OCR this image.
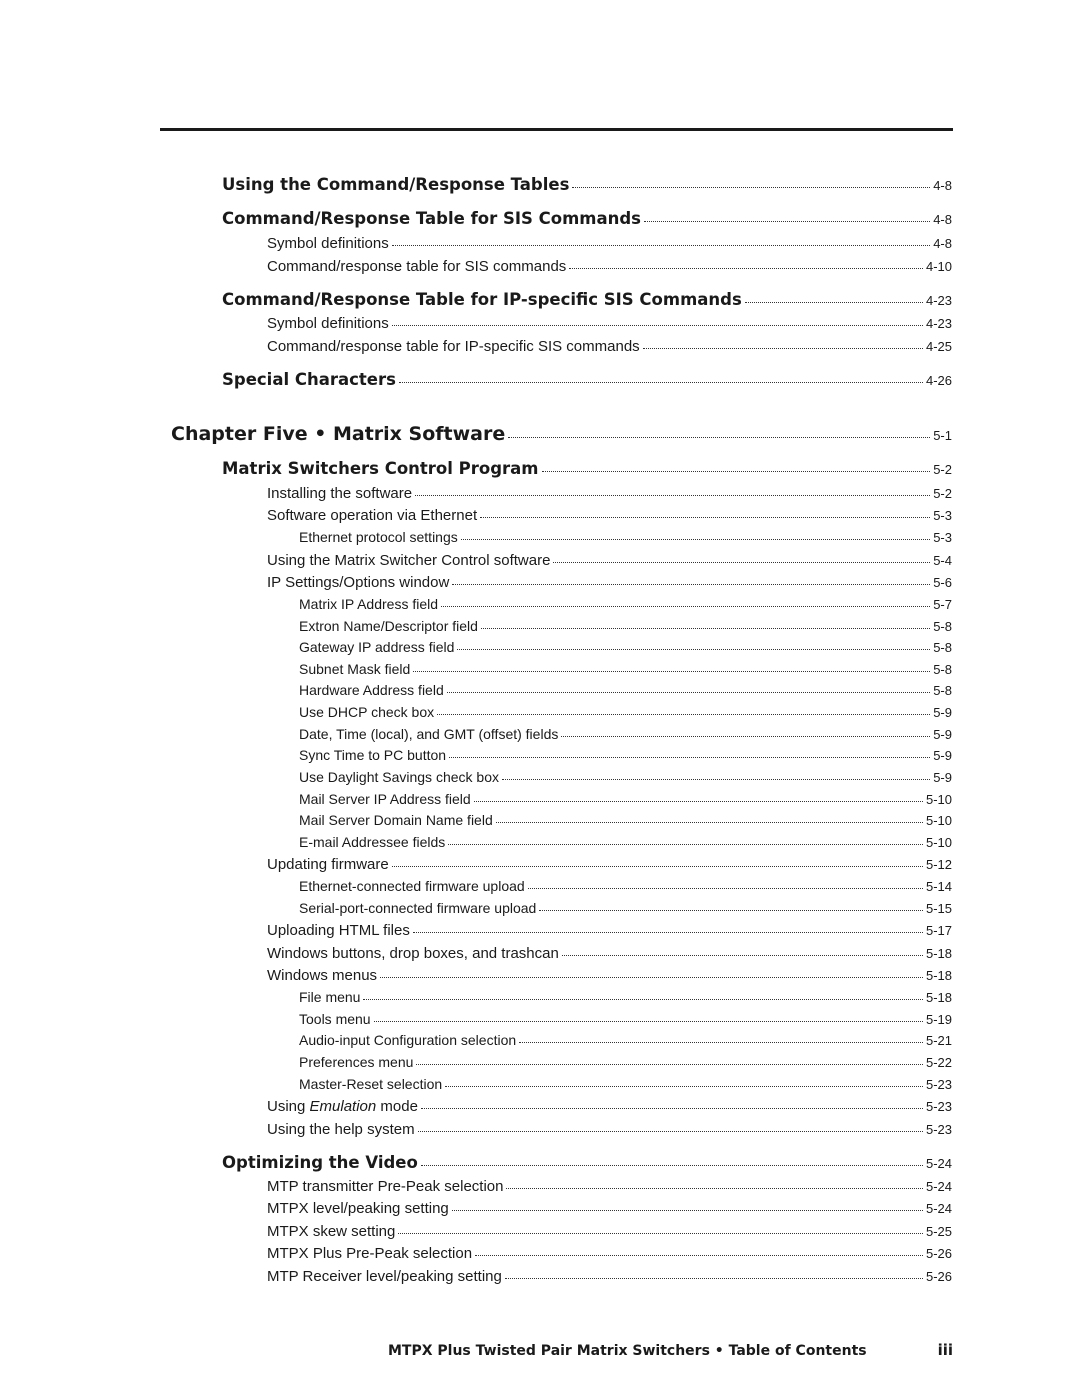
Using the Command/Response Tables	4-8
Command/Response Table for SIS Commands	4-8
Symbol definitions	4-8
Command/response table for SIS commands	4-10
Command/Response Table for IP-specific SIS Commands	4-23
Symbol definitions	4-23
Command/response table for IP-specific SIS commands	4-25
Special Characters	4-26
Chapter Five • Matrix Software	5-1
Matrix Switchers Control Program	5-2
Installing the software	5-2
Software operation via Ethernet	5-3
Ethernet protocol settings	5-3
Using the Matrix Switcher Control software	5-4
IP Settings/Options window	5-6
Matrix IP Address field	5-7
Extron Name/Descriptor field	5-8
Gateway IP address field	5-8
Subnet Mask field	5-8
Hardware Address field	5-8
Use DHCP check box	5-9
Date, Time (local), and GMT (offset) fields	5-9
Sync Time to PC button	5-9
Use Daylight Savings check box	5-9
Mail Server IP Address field	5-10
Mail Server Domain Name field	5-10
E-mail Addressee fields	5-10
Updating firmware	5-12
Ethernet-connected firmware upload	5-14
Serial-port-connected firmware upload	5-15
Uploading HTML files	5-17
Windows buttons, drop boxes, and trashcan	5-18
Windows menus	5-18
File menu	5-18
Tools menu	5-19
Audio-input Configuration selection	5-21
Preferences menu	5-22
Master-Reset selection	5-23
Using Emulation mode	5-23
Using the help system	5-23
Optimizing the Video	5-24
MTP transmitter Pre-Peak selection	5-24
MTPX level/peaking setting	5-24
MTPX skew setting	5-25
MTPX Plus Pre-Peak selection	5-26
MTP Receiver level/peaking setting	5-26
MTPX Plus Twisted Pair Matrix Switchers • Table of Contents	iii
